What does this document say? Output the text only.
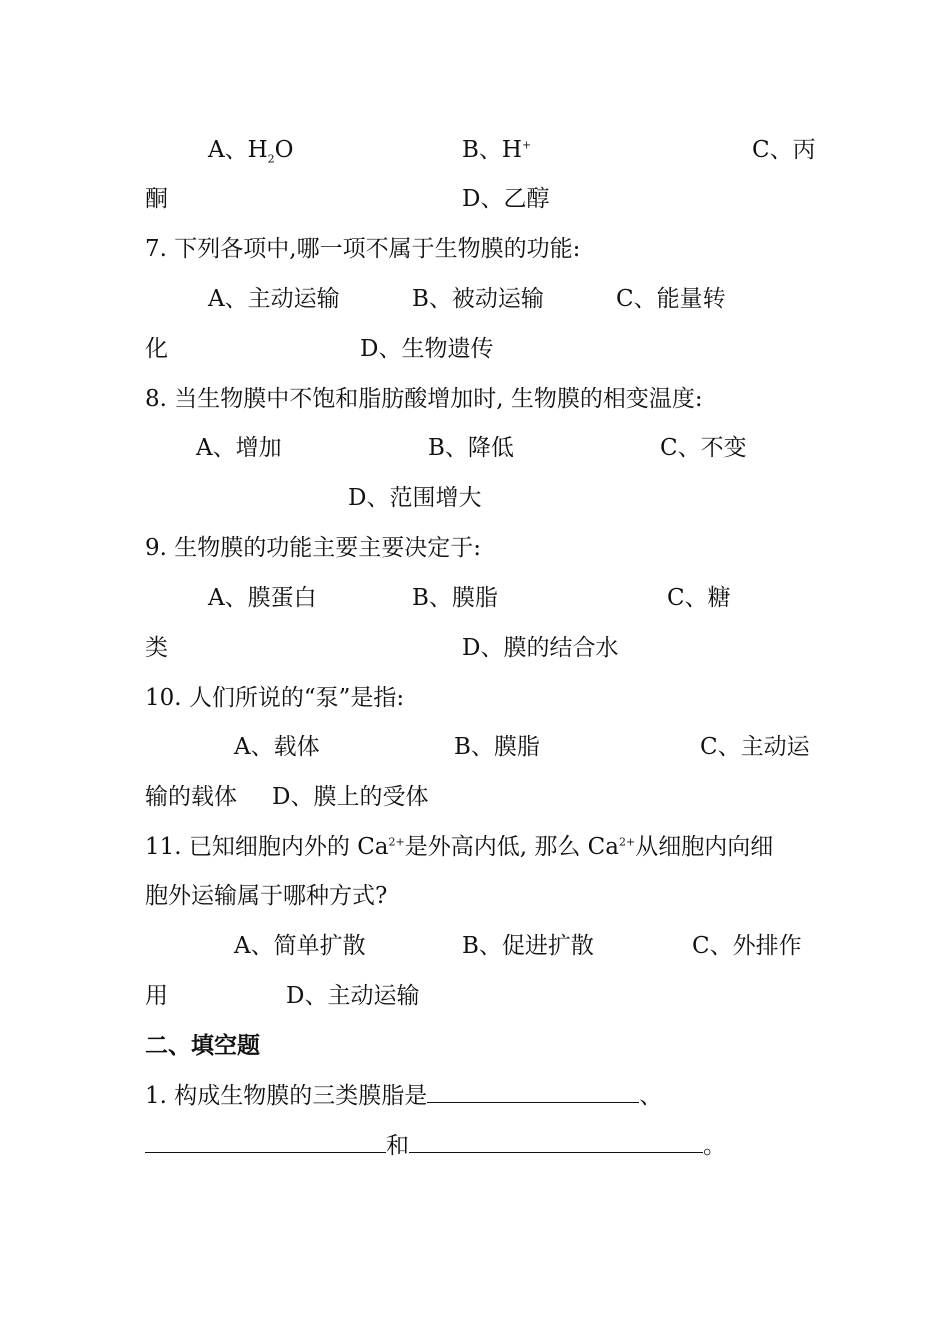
A、$H_2O$	B、H+	C、丙
酮	D、乙醇
7. 下列各项中,哪一项不属于生物膜的功能:
A、主动运输	B、被动运输	C、能量转
化	D、生物遗传
8. 当生物膜中不饱和脂肪酸增加时, 生物膜的相变温度:
A、增加	B、降低	C、不变
D、范围增大
9. 生物膜的功能主要主要决定于:
A、膜蛋白	B、膜脂	C、糖
类	D、膜的结合水
10. 人们所说的“泵”是指:
A、载体	B、膜脂	C、主动运
输的载体 D、膜上的受体
11. 已知细胞内外的 $Ca^{2+}$是外高内低, 那么 $Ca^{2+}$从细胞内向细
胞外运输属于哪种方式?
A、简单扩散	B、促进扩散	C、外排作
用	D、主动运输
二、填空题
1. 构成生物膜的三类膜脂是	、
和	。
